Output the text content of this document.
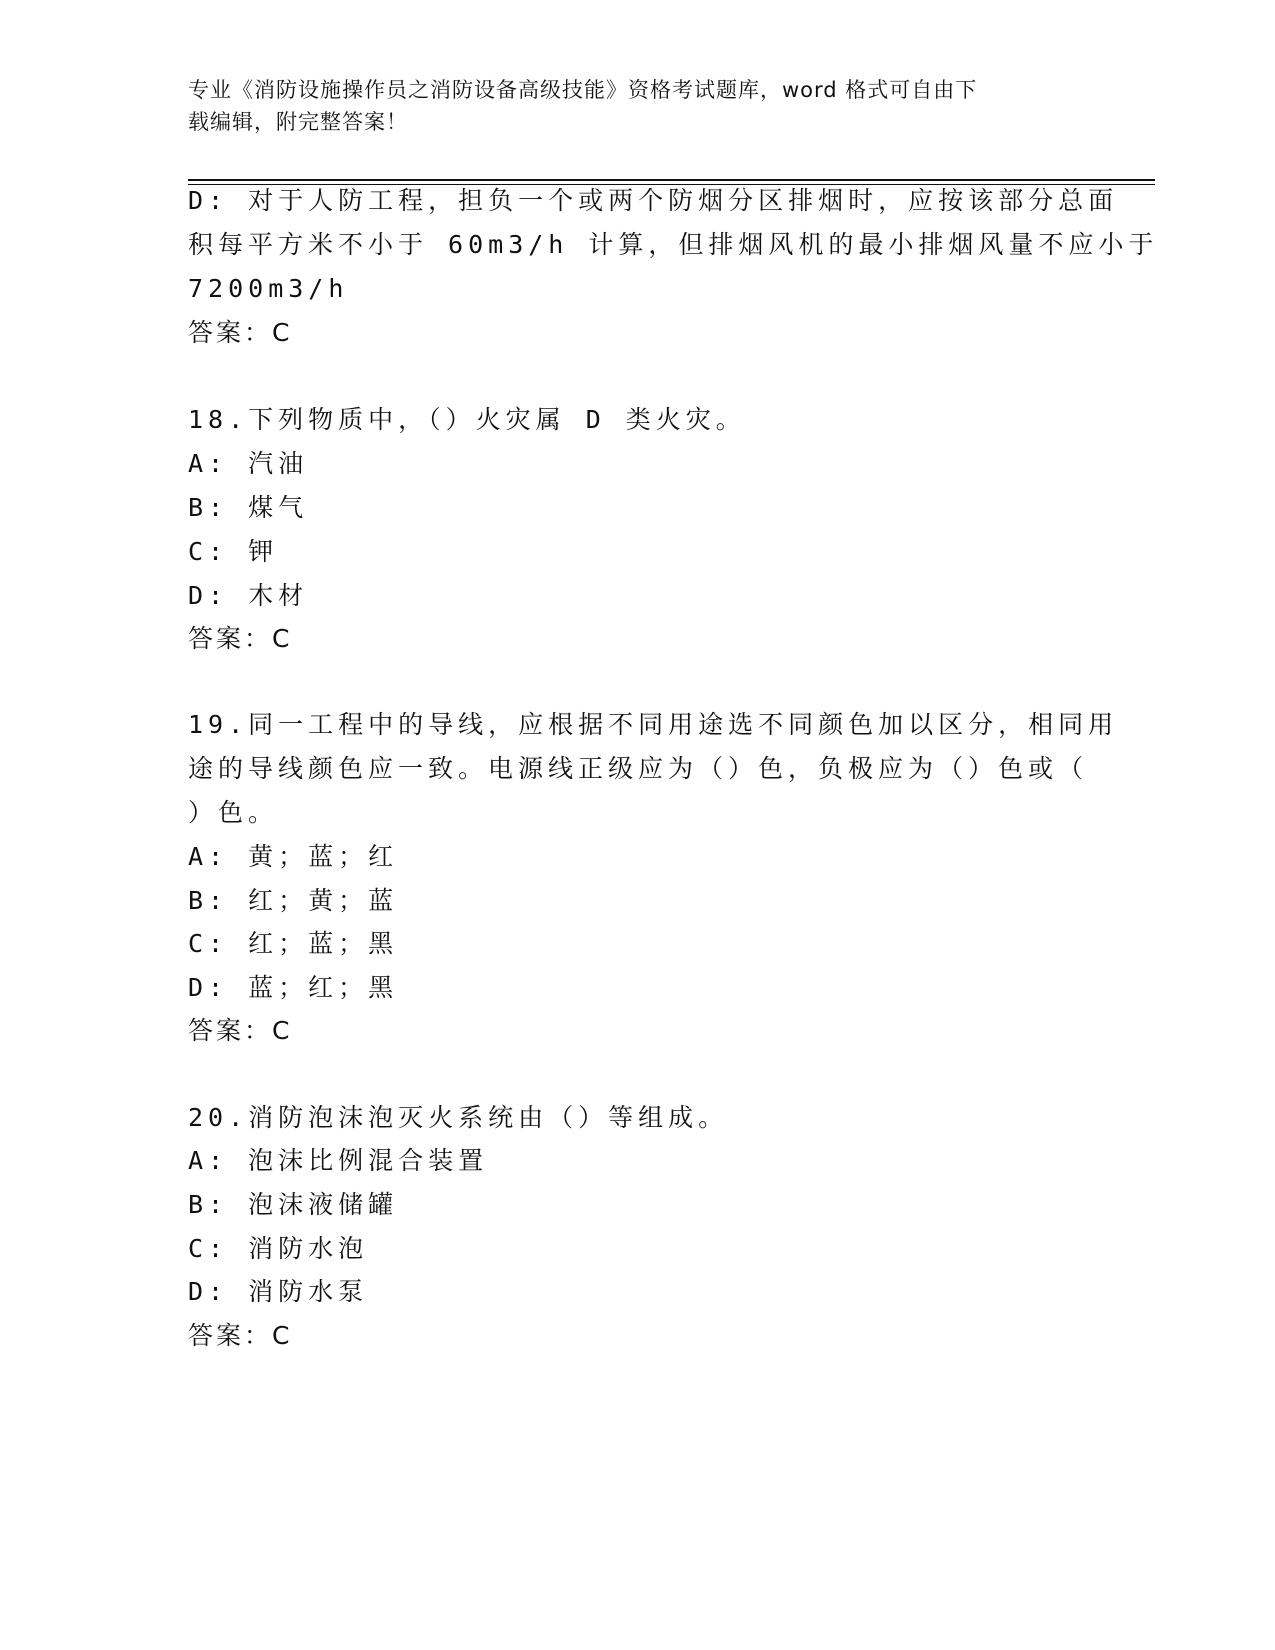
专业《消防设施操作员之消防设备高级技能》资格考试题库，word 格式可自由下
载编辑，附完整答案！
D: 对于人防工程，担负一个或两个防烟分区排烟时，应按该部分总面
积每平方米不小于 60m3/h 计算，但排烟风机的最小排烟风量不应小于
7200m3/h
答案：C
18.下列物质中，（）火灾属 D 类火灾。
A: 汽油
B: 煤气
C: 钾
D: 木材
答案：C
19.同一工程中的导线，应根据不同用途选不同颜色加以区分，相同用
途的导线颜色应一致。电源线正级应为（）色，负极应为（）色或（
）色。
A: 黄；蓝；红
B: 红；黄；蓝
C: 红；蓝；黑
D: 蓝；红；黑
答案：C
20.消防泡沫泡灭火系统由（）等组成。
A: 泡沫比例混合装置
B: 泡沫液储罐
C: 消防水泡
D: 消防水泵
答案：C
